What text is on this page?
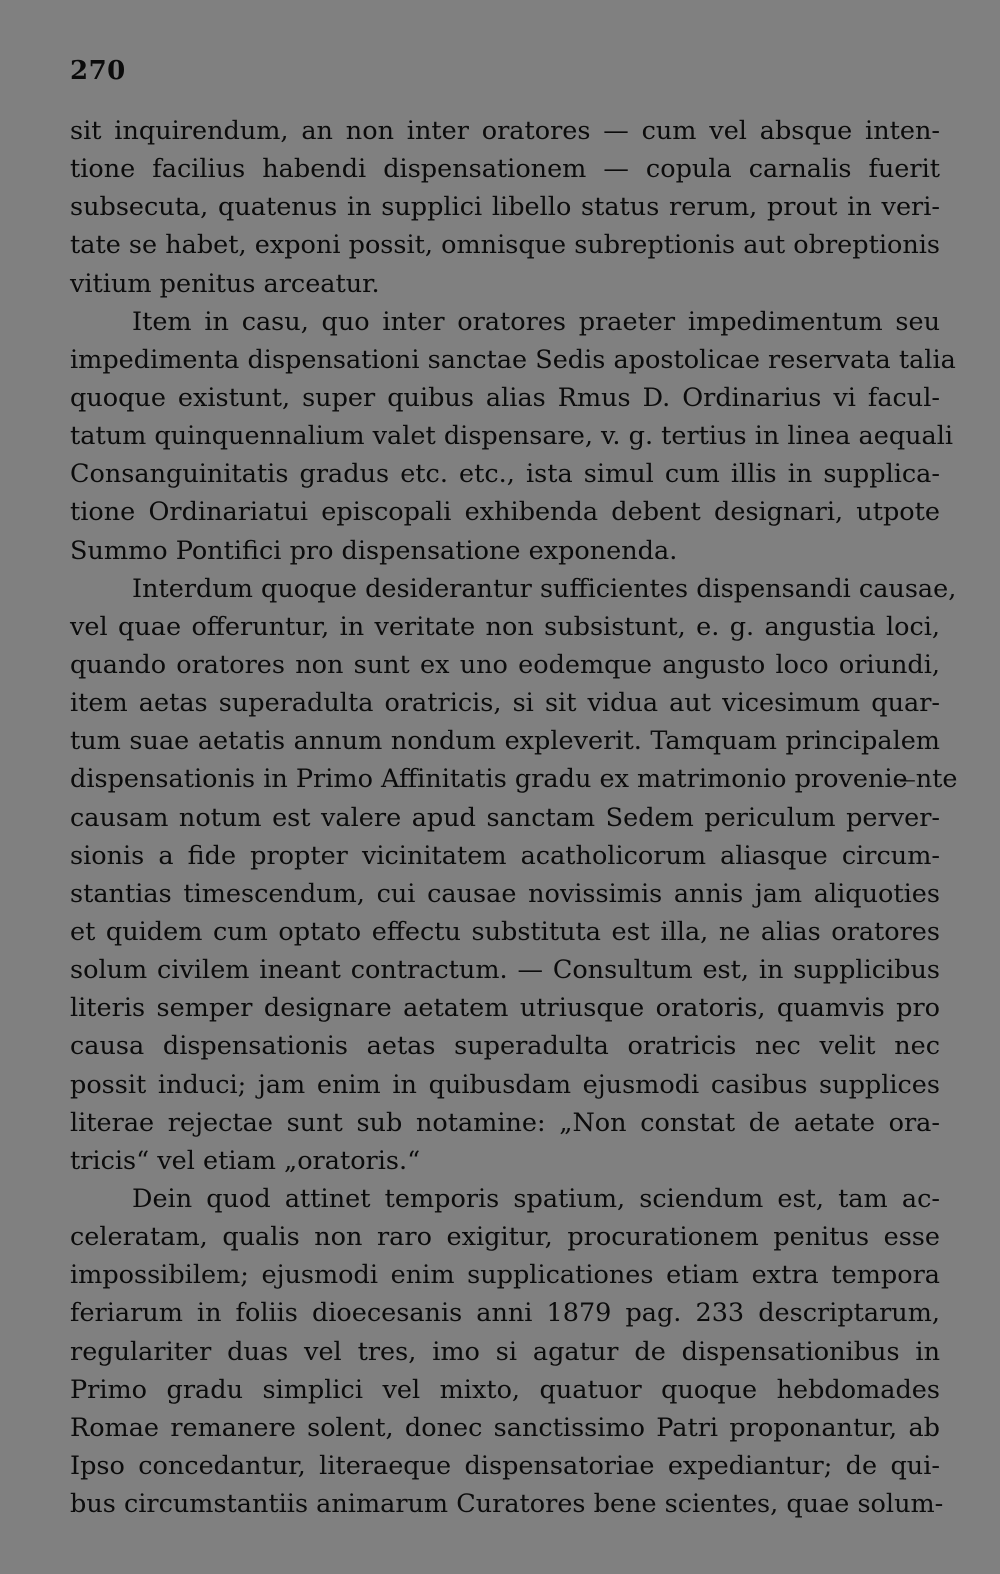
270
sit inquirendum, an non inter oratores — cum vel absque inten-
tione facilius habendi dispensationem — copula carnalis fuerit
subsecuta, quatenus in supplici libello status rerum, prout in veri-
tate se habet, exponi possit, omnisque subreptionis aut obreptionis
vitium penitus arceatur.
Item in casu, quo inter oratores praeter impedimentum seu
impedimenta dispensationi sanctae Sedis apostolicae reservata talia
quoque existunt, super quibus alias Rmus D. Ordinarius vi facul-
tatum quinquennalium valet dispensare, v. g. tertius in linea aequali
Consanguinitatis gradus etc. etc., ista simul cum illis in supplica-
tione Ordinariatui episcopali exhibenda debent designari, utpote
Summo Pontifici pro dispensatione exponenda.
Interdum quoque desiderantur sufficientes dispensandi causae,
vel quae offeruntur, in veritate non subsistunt, e. g. angustia loci,
quando oratores non sunt ex uno eodemque angusto loco oriundi,
item aetas superadulta oratricis, si sit vidua aut vicesimum quar-
tum suae aetatis annum nondum expleverit. Tamquam principalem
dispensationis in Primo Affinitatis gradu ex matrimonio provenie ̶nte
causam notum est valere apud sanctam Sedem periculum perver-
sionis a fide propter vicinitatem acatholicorum aliasque circum-
stantias timescendum, cui causae novissimis annis jam aliquoties
et quidem cum optato effectu substituta est illa, ne alias oratores
solum civilem ineant contractum. — Consultum est, in supplicibus
literis semper designare aetatem utriusque oratoris, quamvis pro
causa dispensationis aetas superadulta oratricis nec velit nec
possit induci; jam enim in quibusdam ejusmodi casibus supplices
literae rejectae sunt sub notamine: „Non constat de aetate ora-
tricis“ vel etiam „oratoris.“
Dein quod attinet temporis spatium, sciendum est, tam ac-
celeratam, qualis non raro exigitur, procurationem penitus esse
impossibilem; ejusmodi enim supplicationes etiam extra tempora
feriarum in foliis dioecesanis anni 1879 pag. 233 descriptarum,
regulariter duas vel tres, imo si agatur de dispensationibus in
Primo gradu simplici vel mixto, quatuor quoque hebdomades
Romae remanere solent, donec sanctissimo Patri proponantur, ab
Ipso concedantur, literaeque dispensatoriae expediantur; de qui-
bus circumstantiis animarum Curatores bene scientes, quae solum-
